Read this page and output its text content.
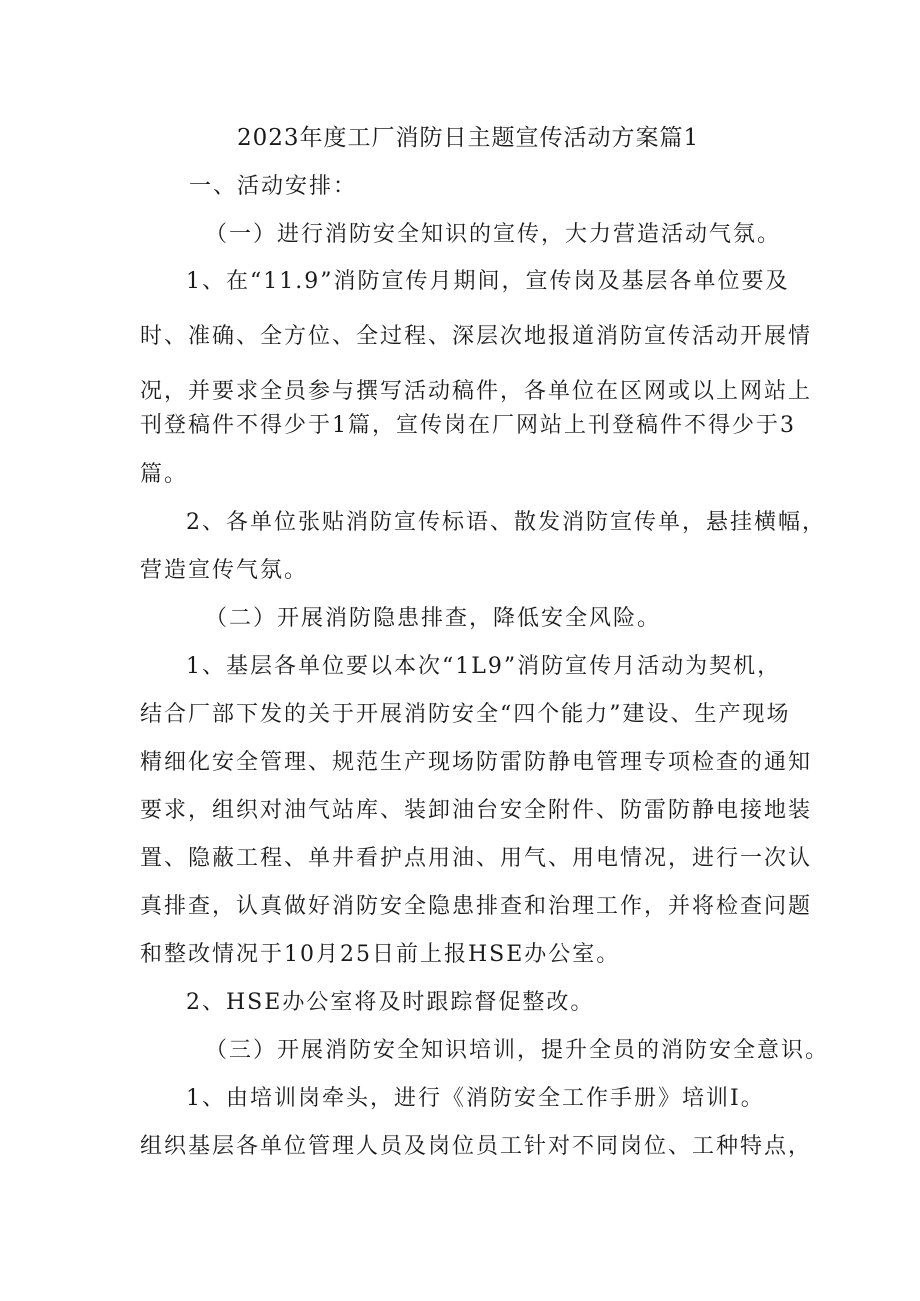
2023年度工厂消防日主题宣传活动方案篇1
一、活动安排：
（一）进行消防安全知识的宣传，大力营造活动气氛。
1、在“11.9”消防宣传月期间，宣传岗及基层各单位要及
时、准确、全方位、全过程、深层次地报道消防宣传活动开展情
况，并要求全员参与撰写活动稿件，各单位在区网或以上网站上
刊登稿件不得少于1篇，宣传岗在厂网站上刊登稿件不得少于3
篇。
2、各单位张贴消防宣传标语、散发消防宣传单，悬挂横幅，
营造宣传气氛。
（二）开展消防隐患排查，降低安全风险。
1、基层各单位要以本次“1L9”消防宣传月活动为契机，
结合厂部下发的关于开展消防安全“四个能力”建设、生产现场
精细化安全管理、规范生产现场防雷防静电管理专项检查的通知
要求，组织对油气站库、装卸油台安全附件、防雷防静电接地装
置、隐蔽工程、单井看护点用油、用气、用电情况，进行一次认
真排查，认真做好消防安全隐患排查和治理工作，并将检查问题
和整改情况于10月25日前上报HSE办公室。
2、HSE办公室将及时跟踪督促整改。
（三）开展消防安全知识培训，提升全员的消防安全意识。
1、由培训岗牵头，进行《消防安全工作手册》培训I。
组织基层各单位管理人员及岗位员工针对不同岗位、工种特点，
